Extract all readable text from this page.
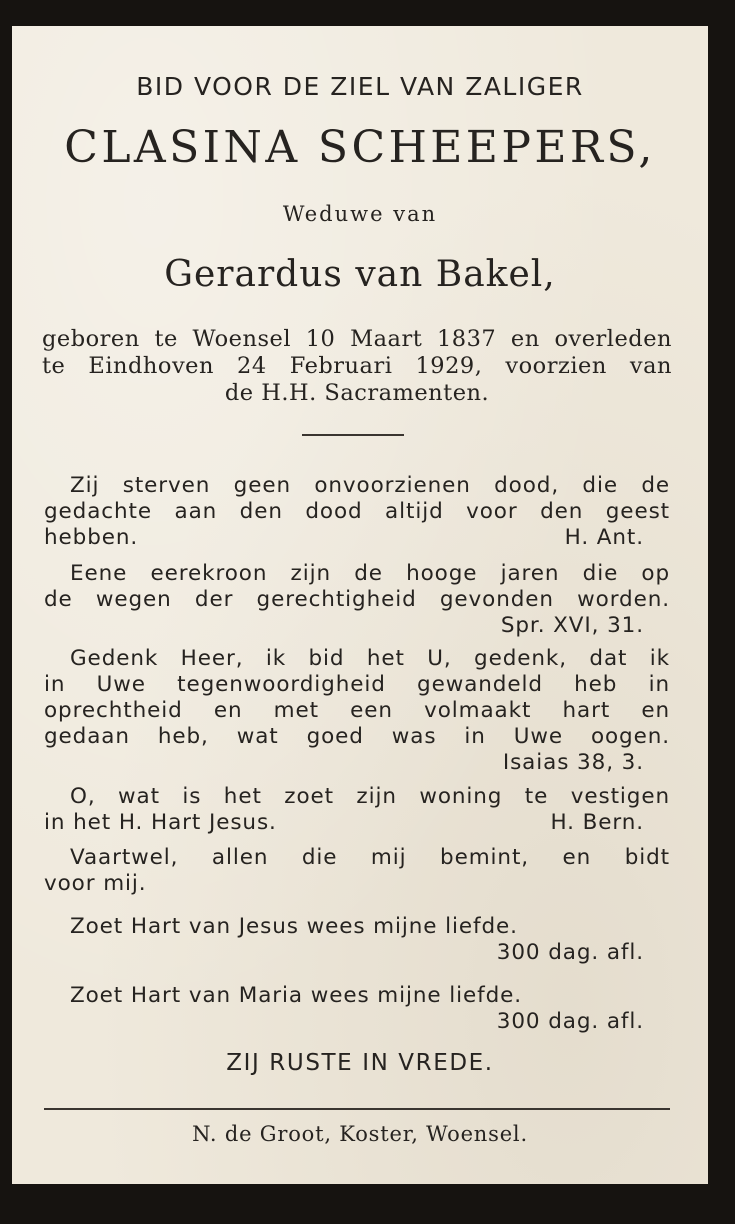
BID VOOR DE ZIEL VAN ZALIGER
CLASINA SCHEEPERS,
Weduwe van
Gerardus van Bakel,
geboren te Woensel 10 Maart 1837 en overleden
te Eindhoven 24 Februari 1929, voorzien van
de H.H. Sacramenten.
Zij sterven geen onvoorzienen dood, die de
gedachte aan den dood altijd voor den geest
hebben.	H. Ant.
Eene eerekroon zijn de hooge jaren die op
de wegen der gerechtigheid gevonden worden.
Spr. XVI, 31.
Gedenk Heer, ik bid het U, gedenk, dat ik
in Uwe tegenwoordigheid gewandeld heb in
oprechtheid en met een volmaakt hart en
gedaan heb, wat goed was in Uwe oogen.
Isaias 38, 3.
O, wat is het zoet zijn woning te vestigen
in het H. Hart Jesus.	H. Bern.
Vaartwel, allen die mij bemint, en bidt
voor mij.
Zoet Hart van Jesus wees mijne liefde.
300 dag. afl.
Zoet Hart van Maria wees mijne liefde.
300 dag. afl.
ZIJ RUSTE IN VREDE.
N. de Groot, Koster, Woensel.
